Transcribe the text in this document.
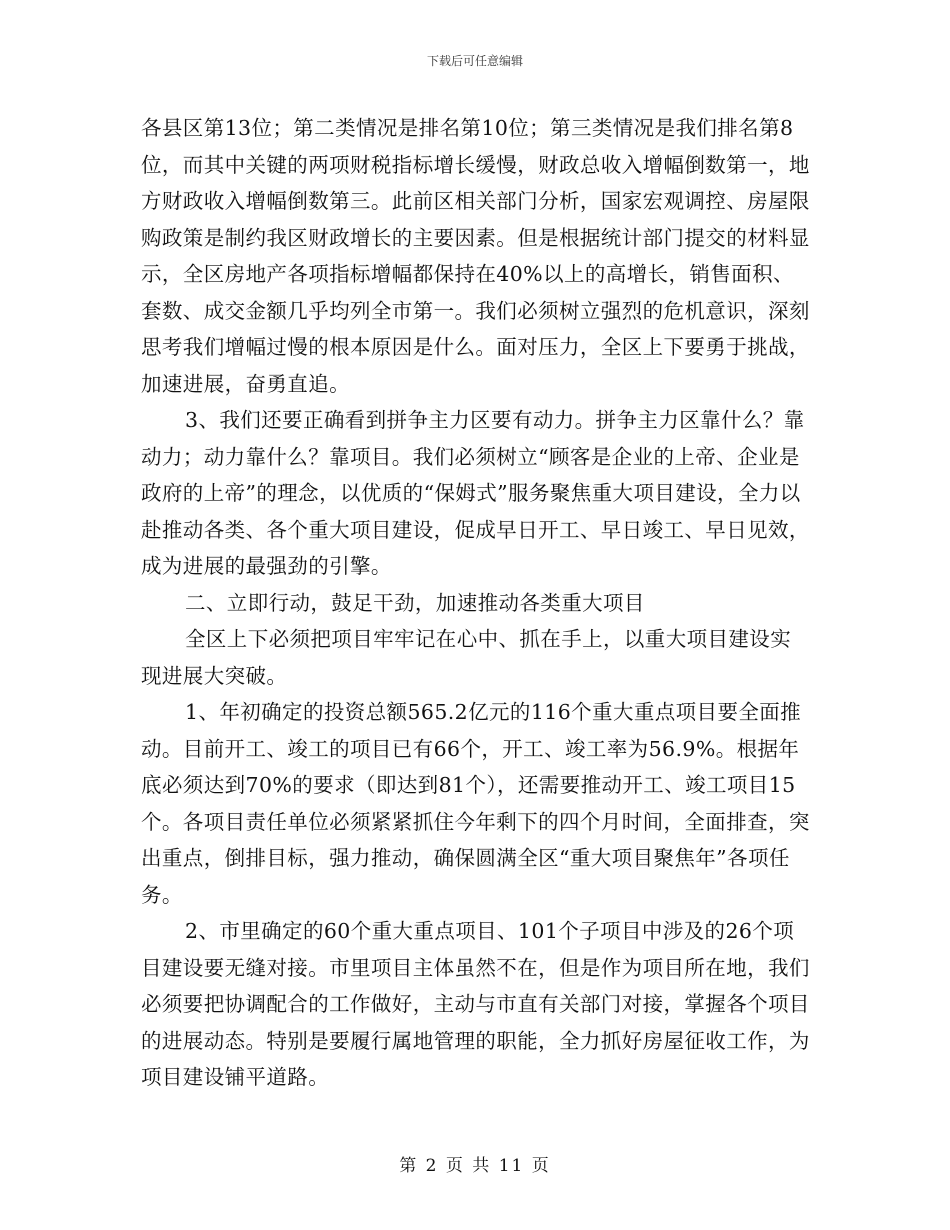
下载后可任意编辑

各县区第13位；第二类情况是排名第10位；第三类情况是我们排名第8位，而其中关键的两项财税指标增长缓慢，财政总收入增幅倒数第一，地方财政收入增幅倒数第三。此前区相关部门分析，国家宏观调控、房屋限购政策是制约我区财政增长的主要因素。但是根据统计部门提交的材料显示，全区房地产各项指标增幅都保持在40%以上的高增长，销售面积、套数、成交金额几乎均列全市第一。我们必须树立强烈的危机意识，深刻思考我们增幅过慢的根本原因是什么。面对压力，全区上下要勇于挑战，加速进展，奋勇直追。

3、我们还要正确看到拼争主力区要有动力。拼争主力区靠什么？靠动力；动力靠什么？靠项目。我们必须树立“顾客是企业的上帝、企业是政府的上帝”的理念，以优质的“保姆式”服务聚焦重大项目建设，全力以赴推动各类、各个重大项目建设，促成早日开工、早日竣工、早日见效，成为进展的最强劲的引擎。

二、立即行动，鼓足干劲，加速推动各类重大项目

全区上下必须把项目牢牢记在心中、抓在手上，以重大项目建设实现进展大突破。

1、年初确定的投资总额565.2亿元的116个重大重点项目要全面推动。目前开工、竣工的项目已有66个，开工、竣工率为56.9%。根据年底必须达到70%的要求（即达到81个），还需要推动开工、竣工项目15个。各项目责任单位必须紧紧抓住今年剩下的四个月时间，全面排查，突出重点，倒排目标，强力推动，确保圆满全区“重大项目聚焦年”各项任务。

2、市里确定的60个重大重点项目、101个子项目中涉及的26个项目建设要无缝对接。市里项目主体虽然不在，但是作为项目所在地，我们必须要把协调配合的工作做好，主动与市直有关部门对接，掌握各个项目的进展动态。特别是要履行属地管理的职能，全力抓好房屋征收工作，为项目建设铺平道路。

第 2 页 共 11 页
